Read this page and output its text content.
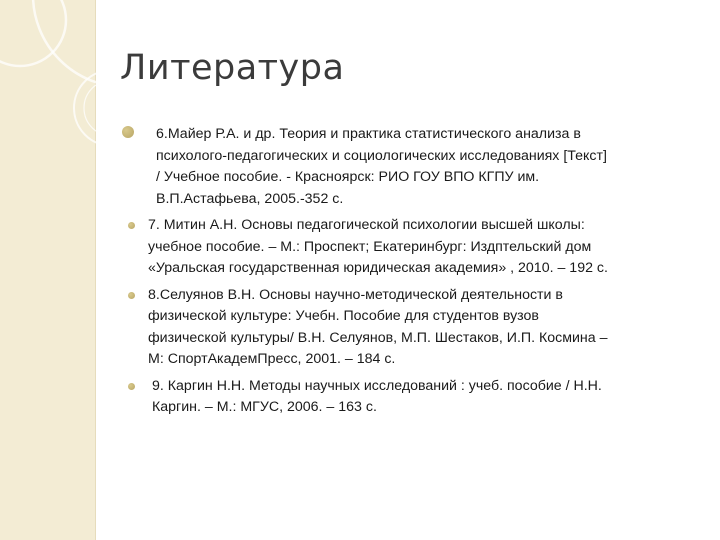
Литература
6.Майер Р.А. и др. Теория и практика статистического анализа в
психолого-педагогических и социологических исследованиях [Текст]
/ Учебное пособие. - Красноярск: РИО ГОУ ВПО КГПУ им.
В.П.Астафьева, 2005.-352 с.
7. Митин А.Н. Основы педагогической психологии высшей школы:
учебное пособие. – М.: Проспект; Екатеринбург: Издптельский дом
«Уральская государственная юридическая академия» , 2010. – 192 с.
8.Селуянов В.Н. Основы научно-методической деятельности в
физической культуре: Учебн. Пособие для студентов вузов
физической культуры/ В.Н. Селуянов, М.П. Шестаков, И.П. Космина –
М: СпортАкадемПресс, 2001. – 184 с.
9. Каргин Н.Н. Методы научных исследований : учеб. пособие / Н.Н.
Каргин. – М.: МГУС, 2006. – 163 с.
